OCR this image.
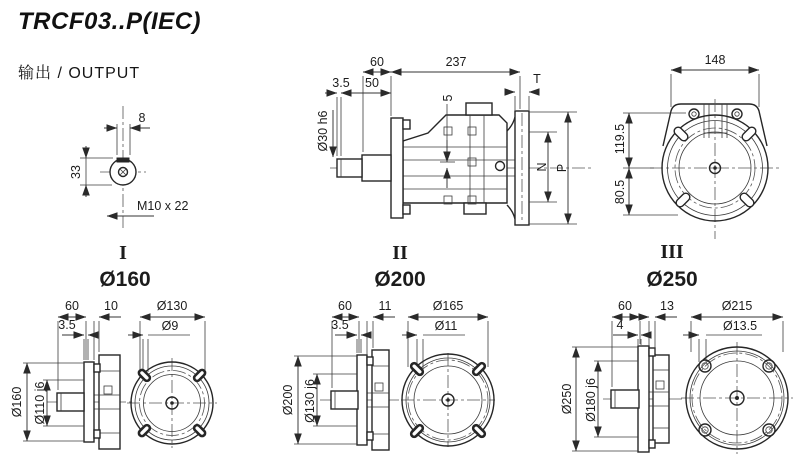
TRCF03..P(IEC)
输出 / OUTPUT
8
33
M10 x 22
I
60	237
3.5 50
5
Ø30 h6
T
N P
II
148
119.5
80.5
III
Ø160
Ø160 Ø110 j6
60 10
3.5
Ø130
Ø9
Ø200
Ø200 Ø130 j6
60 11
3.5
Ø165
Ø11
Ø250
Ø250 Ø180 j6
60 13
4
Ø215
Ø13.5
